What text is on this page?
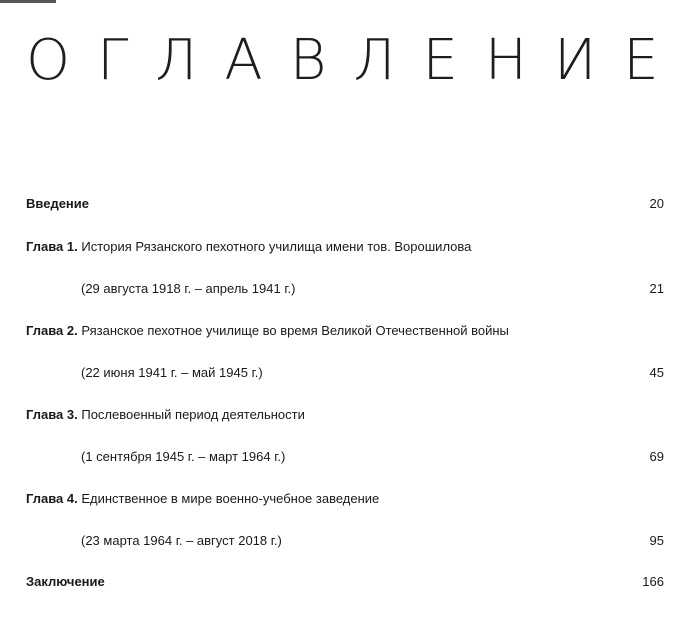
ОГЛАВЛЕНИЕ
Введение	20
Глава 1. История Рязанского пехотного училища имени тов. Ворошилова
(29 августа 1918 г. – апрель 1941 г.)	21
Глава 2. Рязанское пехотное училище во время Великой Отечественной войны
(22 июня 1941 г. – май 1945 г.)	45
Глава 3. Послевоенный период деятельности
(1 сентября 1945 г. – март 1964 г.)	69
Глава 4. Единственное в мире военно-учебное заведение
(23 марта 1964 г. – август 2018 г.)	95
Заключение	166
